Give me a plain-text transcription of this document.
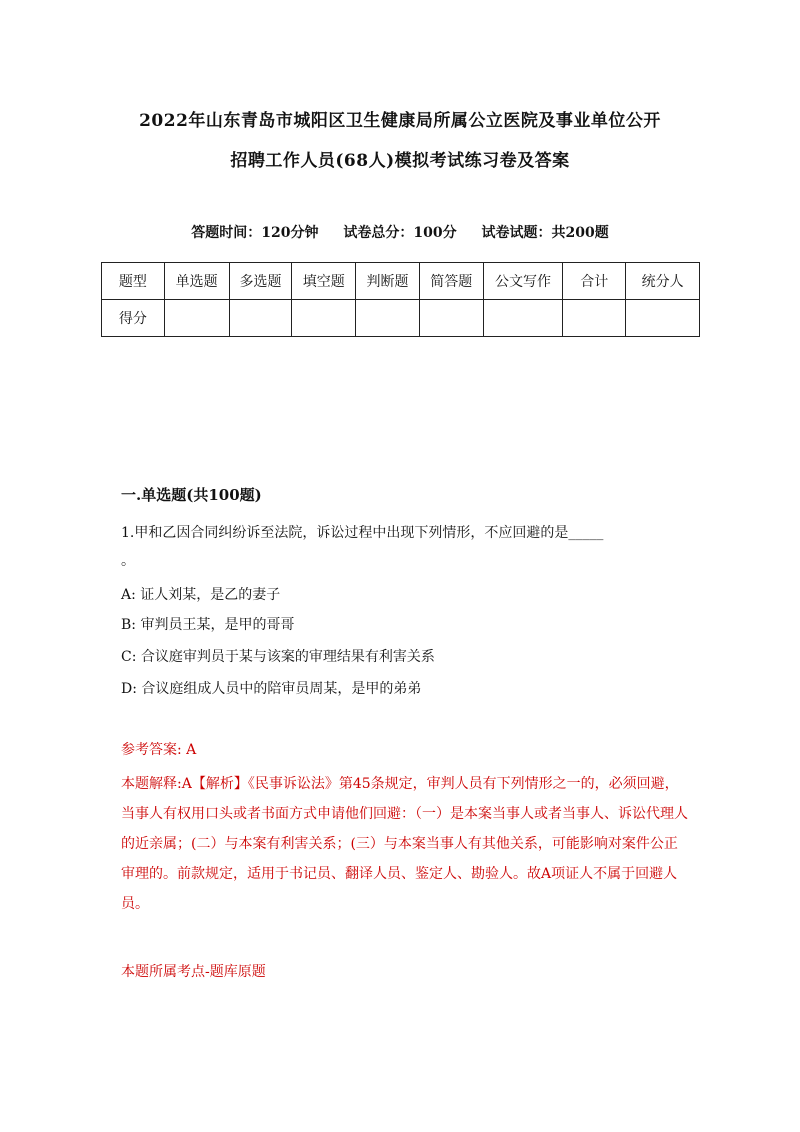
2022年山东青岛市城阳区卫生健康局所属公立医院及事业单位公开
招聘工作人员(68人)模拟考试练习卷及答案
答题时间：120分钟 试卷总分：100分 试卷试题：共200题
题型	单选题	多选题	填空题	判断题	简答题	公文写作	合计	统分人
得分								
一.单选题(共100题)
1.甲和乙因合同纠纷诉至法院，诉讼过程中出现下列情形，不应回避的是_____
。
A: 证人刘某，是乙的妻子
B: 审判员王某，是甲的哥哥
C: 合议庭审判员于某与该案的审理结果有利害关系
D: 合议庭组成人员中的陪审员周某，是甲的弟弟
参考答案: A
本题解释:A【解析】《民事诉讼法》第45条规定，审判人员有下列情形之一的，必须回避，当事人有权用口头或者书面方式申请他们回避：（一）是本案当事人或者当事人、诉讼代理人的近亲属；(二）与本案有利害关系；(三）与本案当事人有其他关系，可能影响对案件公正审理的。前款规定，适用于书记员、翻译人员、鉴定人、勘验人。故A项证人不属于回避人员。
本题所属考点-题库原题
